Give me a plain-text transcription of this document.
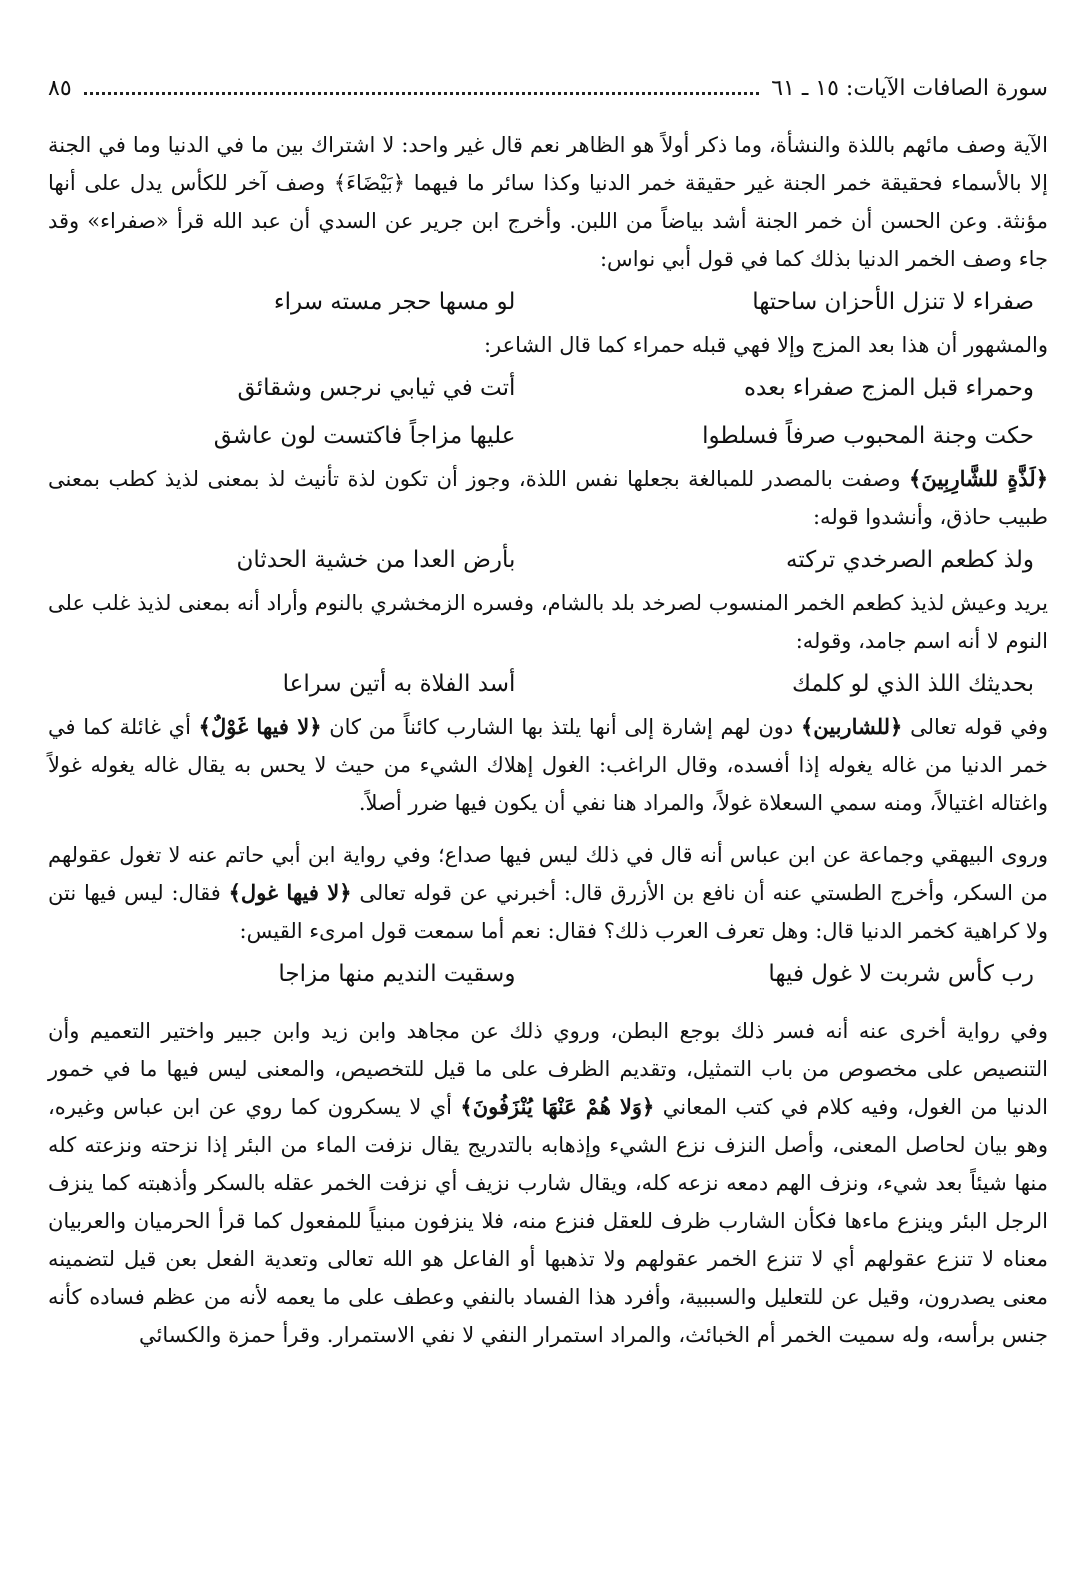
سورة الصافات الآيات: ١٥ ـ ٦١
٨٥

الآية وصف مائهم باللذة والنشأة، وما ذكر أولاً هو الظاهر نعم قال غير واحد: لا اشتراك بين ما في الدنيا وما في الجنة إلا بالأسماء فحقيقة خمر الجنة غير حقيقة خمر الدنيا وكذا سائر ما فيهما ﴿بَيْضَاءَ﴾ وصف آخر للكأس يدل على أنها مؤنثة. وعن الحسن أن خمر الجنة أشد بياضاً من اللبن. وأخرج ابن جرير عن السدي أن عبد الله قرأ «صفراء» وقد جاء وصف الخمر الدنيا بذلك كما في قول أبي نواس:

صفراء لا تنزل الأحزان ساحتها
لو مسها حجر مسته سراء

والمشهور أن هذا بعد المزج وإلا فهي قبله حمراء كما قال الشاعر:

وحمراء قبل المزج صفراء بعده
أتت في ثيابي نرجس وشقائق
حكت وجنة المحبوب صرفاً فسلطوا
عليها مزاجاً فاكتست لون عاشق

﴿لَذَّةٍ للشَّارِبِينَ﴾ وصفت بالمصدر للمبالغة بجعلها نفس اللذة، وجوز أن تكون لذة تأنيث لذ بمعنى لذيذ كطب بمعنى طبيب حاذق، وأنشدوا قوله:

ولذ كطعم الصرخدي تركته
بأرض العدا من خشية الحدثان

يريد وعيش لذيذ كطعم الخمر المنسوب لصرخد بلد بالشام، وفسره الزمخشري بالنوم وأراد أنه بمعنى لذيذ غلب على النوم لا أنه اسم جامد، وقوله:

بحديثك اللذ الذي لو كلمك
أسد الفلاة به أتين سراعا

وفي قوله تعالى ﴿للشاربين﴾ دون لهم إشارة إلى أنها يلتذ بها الشارب كائناً من كان ﴿لا فيها غَوْلٌ﴾ أي غائلة كما في خمر الدنيا من غاله يغوله إذا أفسده، وقال الراغب: الغول إهلاك الشيء من حيث لا يحس به يقال غاله يغوله غولاً واغتاله اغتيالاً، ومنه سمي السعلاة غولاً، والمراد هنا نفي أن يكون فيها ضرر أصلاً.

وروى البيهقي وجماعة عن ابن عباس أنه قال في ذلك ليس فيها صداع؛ وفي رواية ابن أبي حاتم عنه لا تغول عقولهم من السكر، وأخرج الطستي عنه أن نافع بن الأزرق قال: أخبرني عن قوله تعالى ﴿لا فيها غول﴾ فقال: ليس فيها نتن ولا كراهية كخمر الدنيا قال: وهل تعرف العرب ذلك؟ فقال: نعم أما سمعت قول امرىء القيس:

رب كأس شربت لا غول فيها
وسقيت النديم منها مزاجا

وفي رواية أخرى عنه أنه فسر ذلك بوجع البطن، وروي ذلك عن مجاهد وابن زيد وابن جبير واختير التعميم وأن التنصيص على مخصوص من باب التمثيل، وتقديم الظرف على ما قيل للتخصيص، والمعنى ليس فيها ما في خمور الدنيا من الغول، وفيه كلام في كتب المعاني ﴿وَلا هُمْ عَنْهَا يُنْزَفُونَ﴾ أي لا يسكرون كما روي عن ابن عباس وغيره، وهو بيان لحاصل المعنى، وأصل النزف نزع الشيء وإذهابه بالتدريج يقال نزفت الماء من البئر إذا نزحته ونزعته كله منها شيئاً بعد شيء، ونزف الهم دمعه نزعه كله، ويقال شارب نزيف أي نزفت الخمر عقله بالسكر وأذهبته كما ينزف الرجل البئر وينزع ماءها فكأن الشارب ظرف للعقل فنزع منه، فلا ينزفون مبنياً للمفعول كما قرأ الحرميان والعربيان معناه لا تنزع عقولهم أي لا تنزع الخمر عقولهم ولا تذهبها أو الفاعل هو الله تعالى وتعدية الفعل بعن قيل لتضمينه معنى يصدرون، وقيل عن للتعليل والسببية، وأفرد هذا الفساد بالنفي وعطف على ما يعمه لأنه من عظم فساده كأنه جنس برأسه، وله سميت الخمر أم الخبائث، والمراد استمرار النفي لا نفي الاستمرار. وقرأ حمزة والكسائي
